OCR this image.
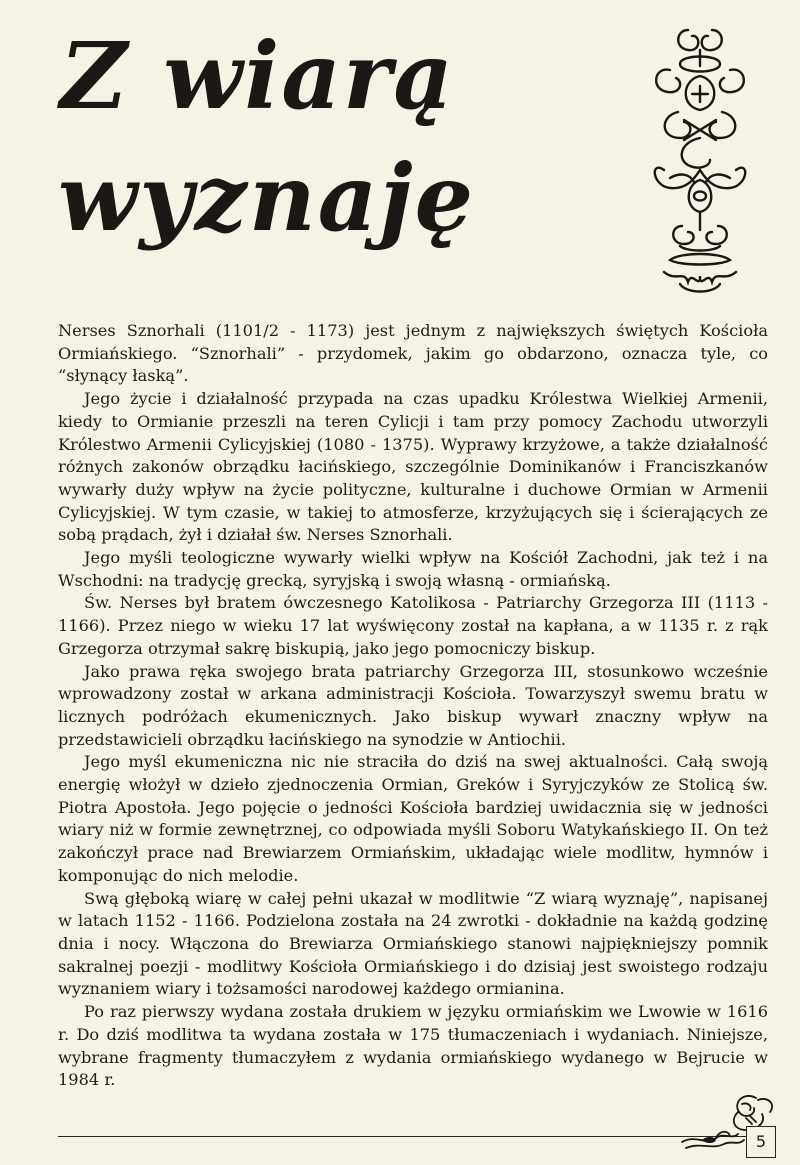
Z wiarą
wyznaję

Nerses Sznorhali (1101/2 - 1173) jest jednym z największych świętych Kościoła Ormiańskiego. “Sznorhali” - przydomek, jakim go obdarzono, oznacza tyle, co “słynący łaską”.

Jego życie i działalność przypada na czas upadku Królestwa Wielkiej Armenii, kiedy to Ormianie przeszli na teren Cylicji i tam przy pomocy Zachodu utworzyli Królestwo Armenii Cylicyjskiej (1080 - 1375). Wyprawy krzyżowe, a także działalność różnych zakonów obrządku łacińskiego, szczególnie Dominikanów i Franciszkanów wywarły duży wpływ na życie polityczne, kulturalne i duchowe Ormian w Armenii Cylicyjskiej. W tym czasie, w takiej to atmosferze, krzyżujących się i ścierających ze sobą prądach, żył i działał św. Nerses Sznorhali.

Jego myśli teologiczne wywarły wielki wpływ na Kościół Zachodni, jak też i na Wschodni: na tradycję grecką, syryjską i swoją własną - ormiańską.

Św. Nerses był bratem ówczesnego Katolikosa - Patriarchy Grzegorza III (1113 - 1166). Przez niego w wieku 17 lat wyświęcony został na kapłana, a w 1135 r. z rąk Grzegorza otrzymał sakrę biskupią, jako jego pomocniczy biskup.

Jako prawa ręka swojego brata patriarchy Grzegorza III, stosunkowo wcześnie wprowadzony został w arkana administracji Kościoła. Towarzyszył swemu bratu w licznych podróżach ekumenicznych. Jako biskup wywarł znaczny wpływ na przedstawicieli obrządku łacińskiego na synodzie w Antiochii.

Jego myśl ekumeniczna nic nie straciła do dziś na swej aktualności. Całą swoją energię włożył w dzieło zjednoczenia Ormian, Greków i Syryjczyków ze Stolicą św. Piotra Apostoła. Jego pojęcie o jedności Kościoła bardziej uwidacznia się w jedności wiary niż w formie zewnętrznej, co odpowiada myśli Soboru Watykańskiego II. On też zakończył prace nad Brewiarzem Ormiańskim, układając wiele modlitw, hymnów i komponując do nich melodie.

Swą głęboką wiarę w całej pełni ukazał w modlitwie “Z wiarą wyznaję”, napisanej w latach 1152 - 1166. Podzielona została na 24 zwrotki - dokładnie na każdą godzinę dnia i nocy. Włączona do Brewiarza Ormiańskiego stanowi najpiękniejszy pomnik sakralnej poezji - modlitwy Kościoła Ormiańskiego i do dzisiaj jest swoistego rodzaju wyznaniem wiary i tożsamości narodowej każdego ormianina.

Po raz pierwszy wydana została drukiem w języku ormiańskim we Lwowie w 1616 r. Do dziś modlitwa ta wydana została w 175 tłumaczeniach i wydaniach. Niniejsze, wybrane fragmenty tłumaczyłem z wydania ormiańskiego wydanego w Bejrucie w 1984 r.

5
